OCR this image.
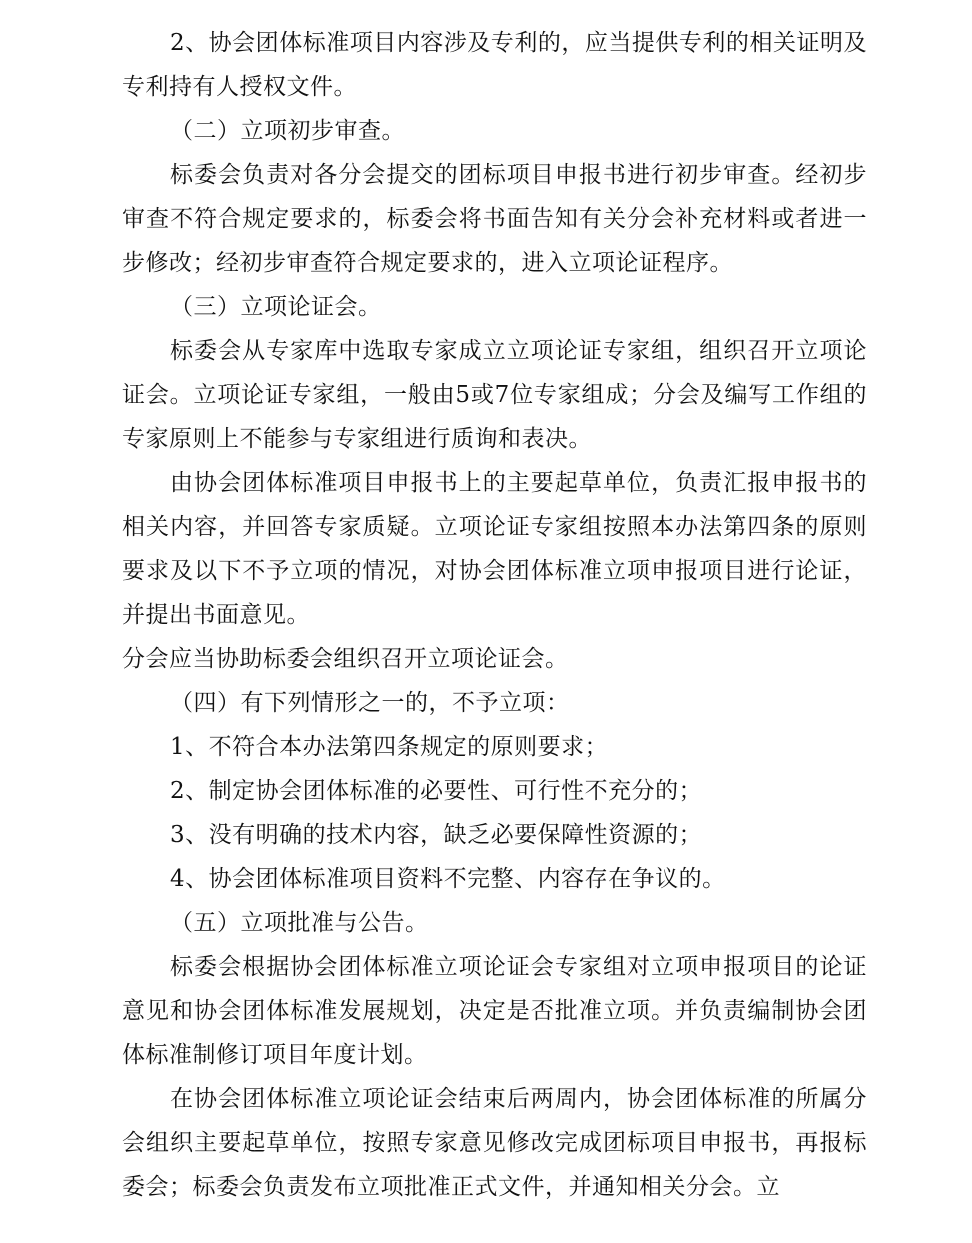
2、协会团体标准项目内容涉及专利的，应当提供专利的相关证明及专利持有人授权文件。

（二）立项初步审查。

标委会负责对各分会提交的团标项目申报书进行初步审查。经初步审查不符合规定要求的，标委会将书面告知有关分会补充材料或者进一步修改；经初步审查符合规定要求的，进入立项论证程序。

（三）立项论证会。

标委会从专家库中选取专家成立立项论证专家组，组织召开立项论证会。立项论证专家组，一般由5或7位专家组成；分会及编写工作组的专家原则上不能参与专家组进行质询和表决。

由协会团体标准项目申报书上的主要起草单位，负责汇报申报书的相关内容，并回答专家质疑。立项论证专家组按照本办法第四条的原则要求及以下不予立项的情况，对协会团体标准立项申报项目进行论证，并提出书面意见。

分会应当协助标委会组织召开立项论证会。

（四）有下列情形之一的，不予立项：

1、不符合本办法第四条规定的原则要求；

2、制定协会团体标准的必要性、可行性不充分的；

3、没有明确的技术内容，缺乏必要保障性资源的；

4、协会团体标准项目资料不完整、内容存在争议的。

（五）立项批准与公告。

标委会根据协会团体标准立项论证会专家组对立项申报项目的论证意见和协会团体标准发展规划，决定是否批准立项。并负责编制协会团体标准制修订项目年度计划。

在协会团体标准立项论证会结束后两周内，协会团体标准的所属分会组织主要起草单位，按照专家意见修改完成团标项目申报书，再报标委会；标委会负责发布立项批准正式文件，并通知相关分会。立
